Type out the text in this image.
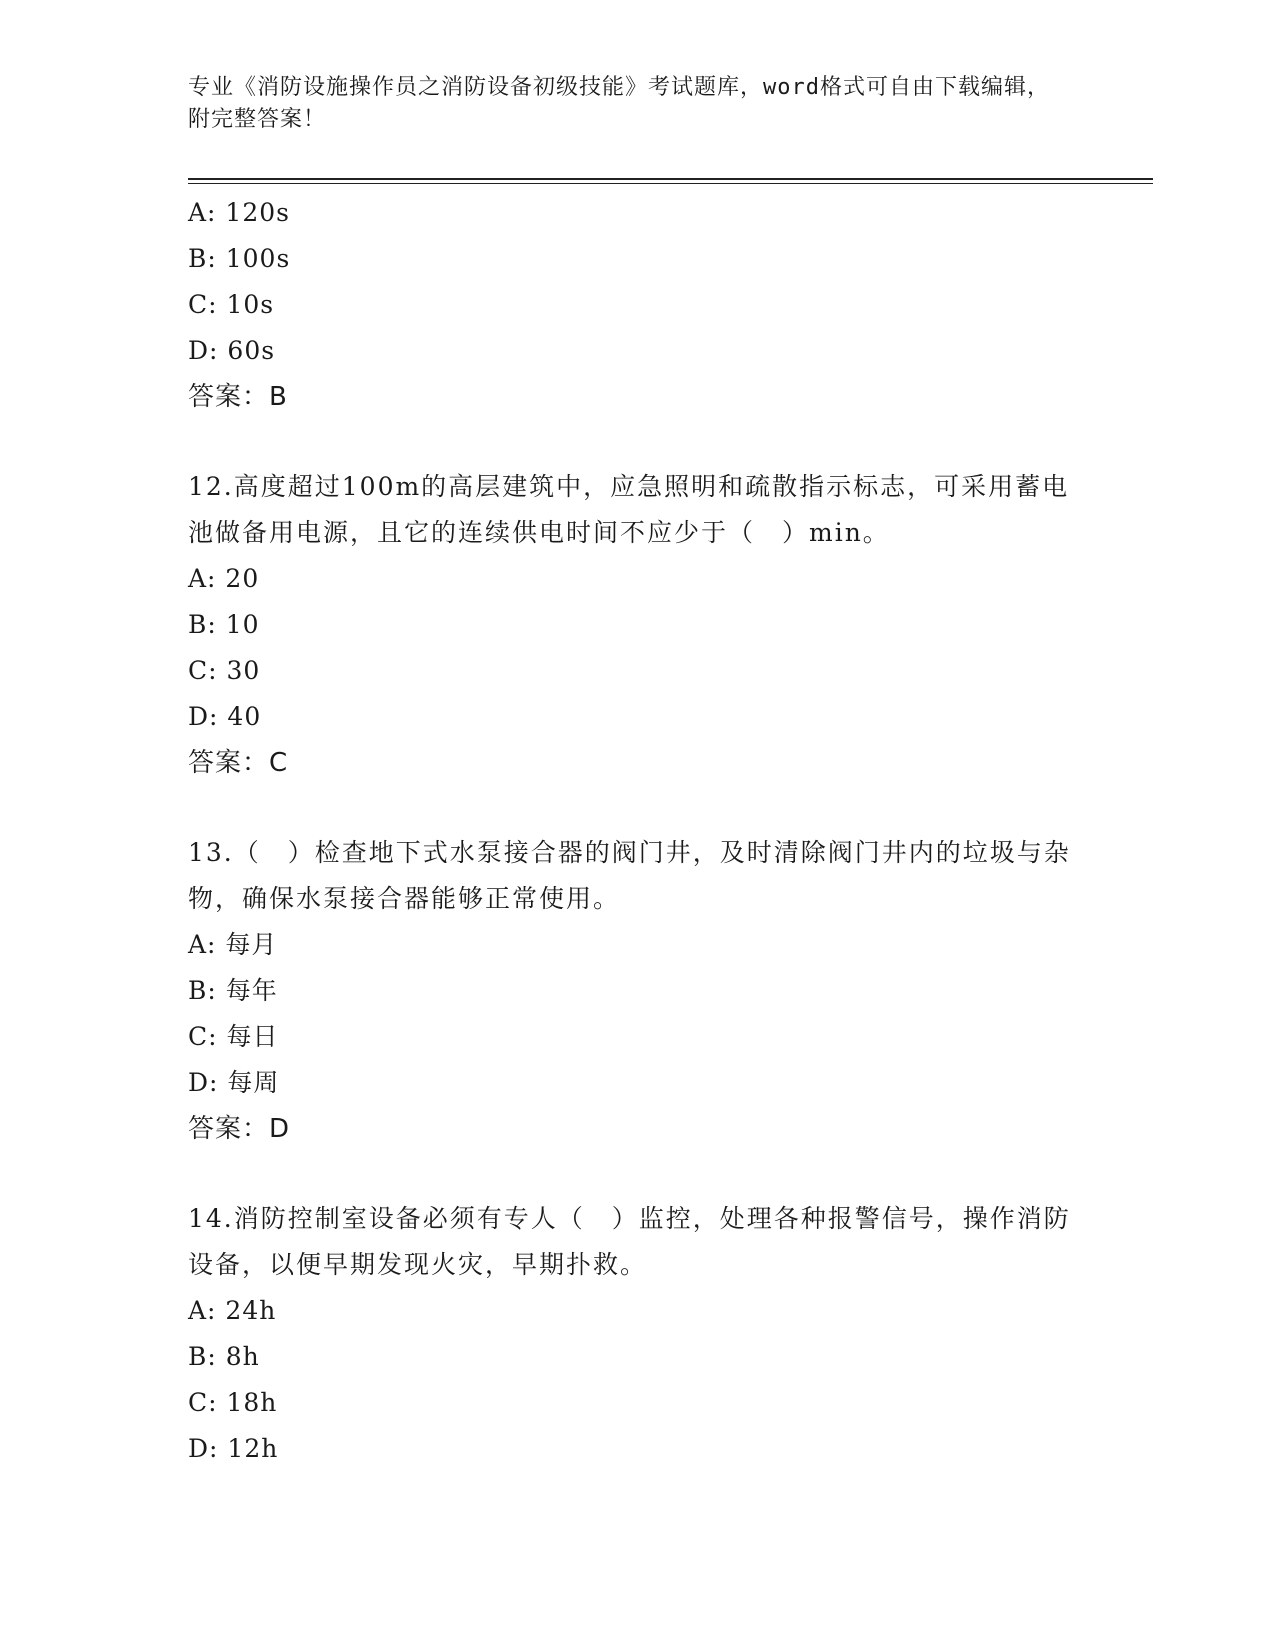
专业《消防设施操作员之消防设备初级技能》考试题库，word格式可自由下载编辑，附完整答案！
A: 120s
B: 100s
C: 10s
D: 60s
答案：B
12.高度超过100m的高层建筑中，应急照明和疏散指示标志，可采用蓄电池做备用电源，且它的连续供电时间不应少于（　）min。
A: 20
B: 10
C: 30
D: 40
答案：C
13.（　）检查地下式水泵接合器的阀门井，及时清除阀门井内的垃圾与杂物，确保水泵接合器能够正常使用。
A: 每月
B: 每年
C: 每日
D: 每周
答案：D
14.消防控制室设备必须有专人（　）监控，处理各种报警信号，操作消防设备，以便早期发现火灾，早期扑救。
A: 24h
B: 8h
C: 18h
D: 12h
